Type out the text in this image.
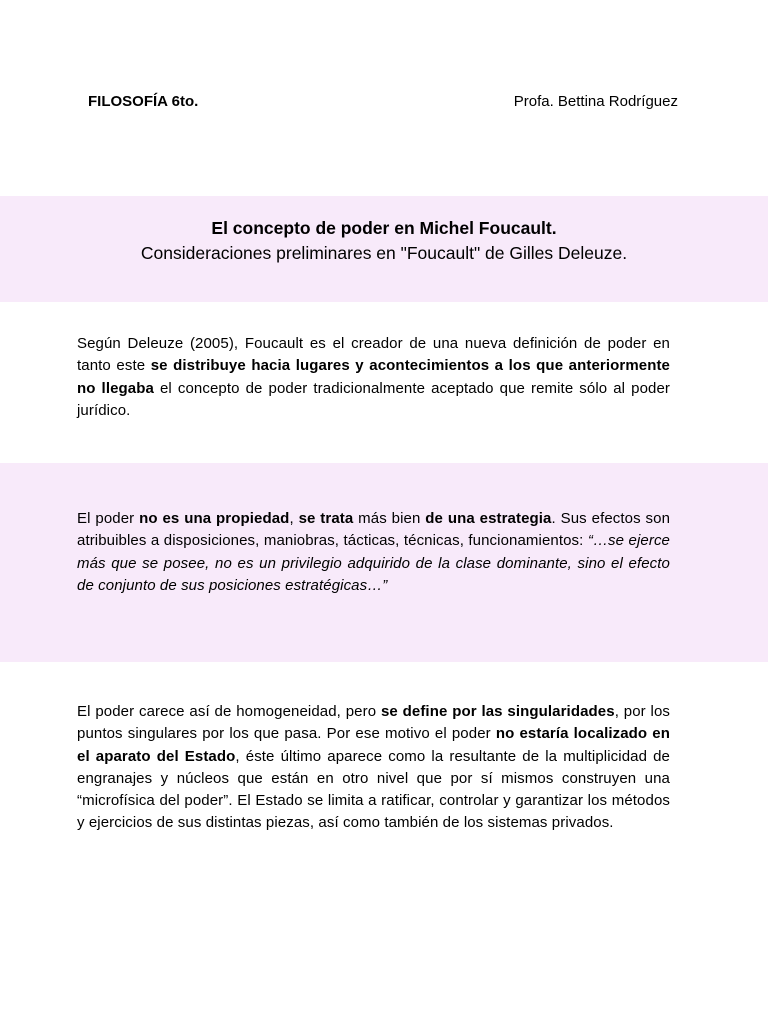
FILOSOFÍA 6to.	Profa. Bettina Rodríguez
El concepto de poder en Michel Foucault.
Consideraciones preliminares en "Foucault" de Gilles Deleuze.

Según Deleuze (2005), Foucault es el creador de una nueva definición de poder en tanto este se distribuye hacia lugares y acontecimientos a los que anteriormente no llegaba el concepto de poder tradicionalmente aceptado que remite sólo al poder jurídico.

El poder no es una propiedad, se trata más bien de una estrategia. Sus efectos son atribuibles a disposiciones, maniobras, tácticas, técnicas, funcionamientos: “…se ejerce más que se posee, no es un privilegio adquirido de la clase dominante, sino el efecto de conjunto de sus posiciones estratégicas…”

El poder carece así de homogeneidad, pero se define por las singularidades, por los puntos singulares por los que pasa. Por ese motivo el poder no estaría localizado en el aparato del Estado, éste último aparece como la resultante de la multiplicidad de engranajes y núcleos que están en otro nivel que por sí mismos construyen una “microfísica del poder”. El Estado se limita a ratificar, controlar y garantizar los métodos y ejercicios de sus distintas piezas, así como también de los sistemas privados.
